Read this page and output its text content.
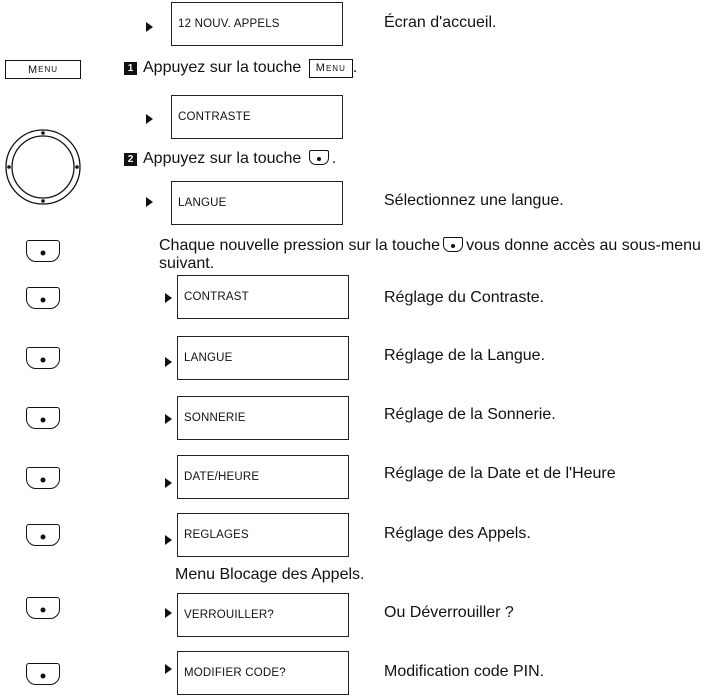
12 NOUV. APPELS	Écran d'accueil.
M ENU	1 Appuyez sur la touche MENU .
CONTRASTE
2 Appuyez sur la touche .
LANGUE	Sélectionnez une langue.
Chaque nouvelle pression sur la touche vous donne accès au sous-menu suivant.
CONTRAST	Réglage du Contraste.
LANGUE	Réglage de la Langue.
SONNERIE	Réglage de la Sonnerie.
DATE/HEURE	Réglage de la Date et de l'Heure
REGLAGES	Réglage des Appels.
Menu Blocage des Appels.
VERROUILLER?	Ou Déverrouiller ?
MODIFIER CODE?	Modification code PIN.
